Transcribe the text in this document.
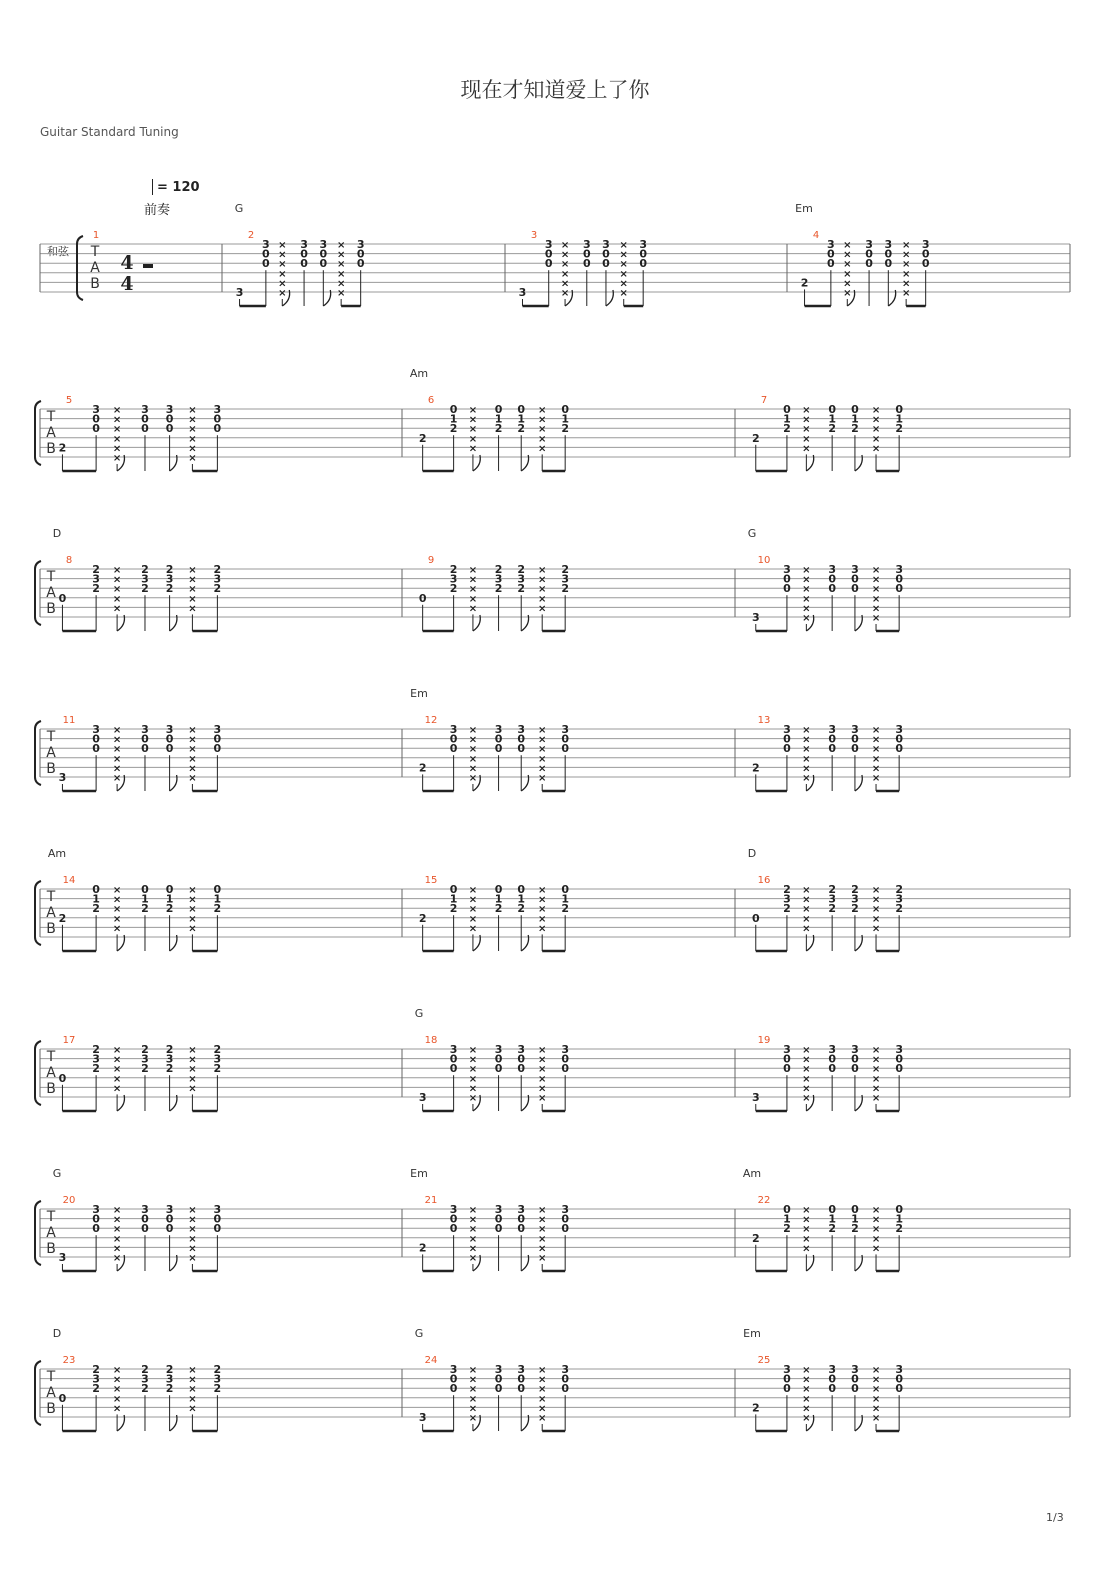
现在才知道爱上了你
Guitar Standard Tuning
= 120
前奏
和弦 T
A
B
4
4
1	2
G
3
3
0
0
×
×
×
×
×
×
3
0
0
3
0
0
×
×
×
×
×
×
3
0
0
3
3
3
0
0
×
×
×
×
×
×
3
0
0
3
0
0
×
×
×
×
×
×
3
0
0
4
Em
2
3
0
0
×
×
×
×
×
×
3
0
0
3
0
0
×
×
×
×
×
×
3
0
0
T
A
B
5
2
3
0
0
×
×
×
×
×
×
3
0
0
3
0
0
×
×
×
×
×
×
3
0
0
6
Am
2
0
1
2
×
×
×
×
×
0
1
2
0
1
2
×
×
×
×
×
0
1
2
7
2
0
1
2
×
×
×
×
×
0
1
2
0
1
2
×
×
×
×
×
0
1
2
T
A
B
8
D
0
2
3
2
×
×
×
×
×
2
3
2
2
3
2
×
×
×
×
×
2
3
2
9
0
2
3
2
×
×
×
×
×
2
3
2
2
3
2
×
×
×
×
×
2
3
2
10
G
3
3
0
0
×
×
×
×
×
×
3
0
0
3
0
0
×
×
×
×
×
×
3
0
0
T
A
B
11
3
3
0
0
×
×
×
×
×
×
3
0
0
3
0
0
×
×
×
×
×
×
3
0
0
12
Em
2
3
0
0
×
×
×
×
×
×
3
0
0
3
0
0
×
×
×
×
×
×
3
0
0
13
2
3
0
0
×
×
×
×
×
×
3
0
0
3
0
0
×
×
×
×
×
×
3
0
0
T
A
B
14
Am
2
0
1
2
×
×
×
×
×
0
1
2
0
1
2
×
×
×
×
×
0
1
2
15
2
0
1
2
×
×
×
×
×
0
1
2
0
1
2
×
×
×
×
×
0
1
2
16
D
0
2
3
2
×
×
×
×
×
2
3
2
2
3
2
×
×
×
×
×
2
3
2
T
A
B
17
0
2
3
2
×
×
×
×
×
2
3
2
2
3
2
×
×
×
×
×
2
3
2
18
G
3
3
0
0
×
×
×
×
×
×
3
0
0
3
0
0
×
×
×
×
×
×
3
0
0
19
3
3
0
0
×
×
×
×
×
×
3
0
0
3
0
0
×
×
×
×
×
×
3
0
0
T
A
B
20
G
3
3
0
0
×
×
×
×
×
×
3
0
0
3
0
0
×
×
×
×
×
×
3
0
0
21
Em
2
3
0
0
×
×
×
×
×
×
3
0
0
3
0
0
×
×
×
×
×
×
3
0
0
22
Am
2
0
1
2
×
×
×
×
×
0
1
2
0
1
2
×
×
×
×
×
0
1
2
T
A
B
23
D
0
2
3
2
×
×
×
×
×
2
3
2
2
3
2
×
×
×
×
×
2
3
2
24
G
3
3
0
0
×
×
×
×
×
×
3
0
0
3
0
0
×
×
×
×
×
×
3
0
0
25
Em
2
3
0
0
×
×
×
×
×
×
3
0
0
3
0
0
×
×
×
×
×
×
3
0
0
1/3
